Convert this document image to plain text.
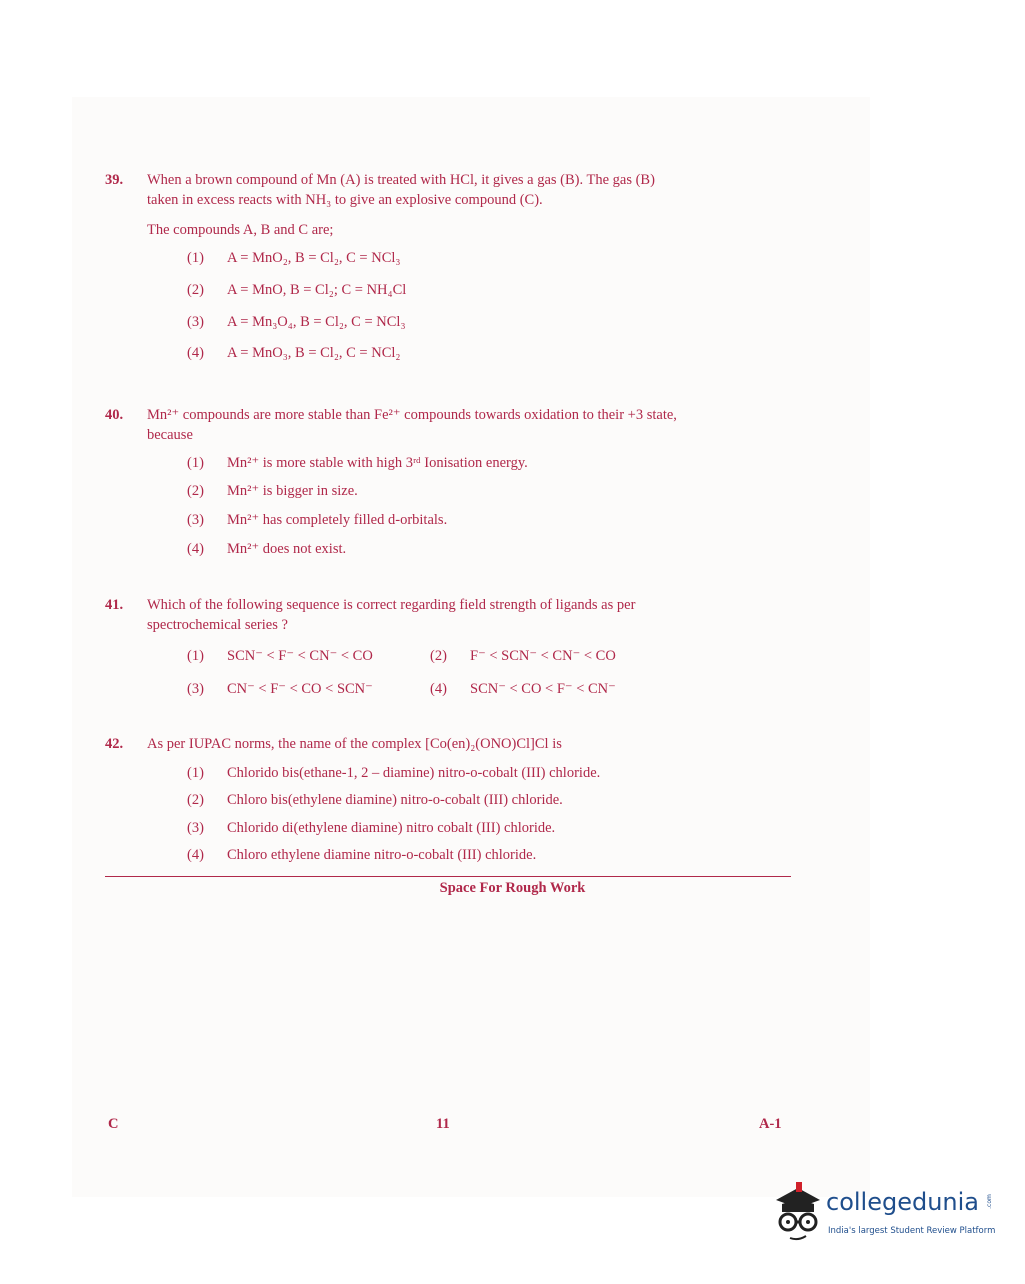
39. When a brown compound of Mn (A) is treated with HCl, it gives a gas (B). The gas (B)
taken in excess reacts with NH₃ to give an explosive compound (C).
The compounds A, B and C are;
(1) A = MnO₂, B = Cl₂, C = NCl₃
(2) A = MnO, B = Cl₂; C = NH₄Cl
(3) A = Mn₃O₄, B = Cl₂, C = NCl₃
(4) A = MnO₃, B = Cl₂, C = NCl₂
40. Mn²⁺ compounds are more stable than Fe²⁺ compounds towards oxidation to their +3 state,
because
(1) Mn²⁺ is more stable with high 3ʳᵈ Ionisation energy.
(2) Mn²⁺ is bigger in size.
(3) Mn²⁺ has completely filled d-orbitals.
(4) Mn²⁺ does not exist.
41. Which of the following sequence is correct regarding field strength of ligands as per
spectrochemical series ?
(1) SCN⁻ < F⁻ < CN⁻ < CO	(2) F⁻ < SCN⁻ < CN⁻ < CO
(3) CN⁻ < F⁻ < CO < SCN⁻	(4) SCN⁻ < CO < F⁻ < CN⁻
42. As per IUPAC norms, the name of the complex [Co(en)₂(ONO)Cl]Cl is
(1) Chlorido bis(ethane-1, 2 – diamine) nitro-o-cobalt (III) chloride.
(2) Chloro bis(ethylene diamine) nitro-o-cobalt (III) chloride.
(3) Chlorido di(ethylene diamine) nitro cobalt (III) chloride.
(4) Chloro ethylene diamine nitro-o-cobalt (III) chloride.
Space For Rough Work
C	11	A-1
collegedunia .com
India's largest Student Review Platform
